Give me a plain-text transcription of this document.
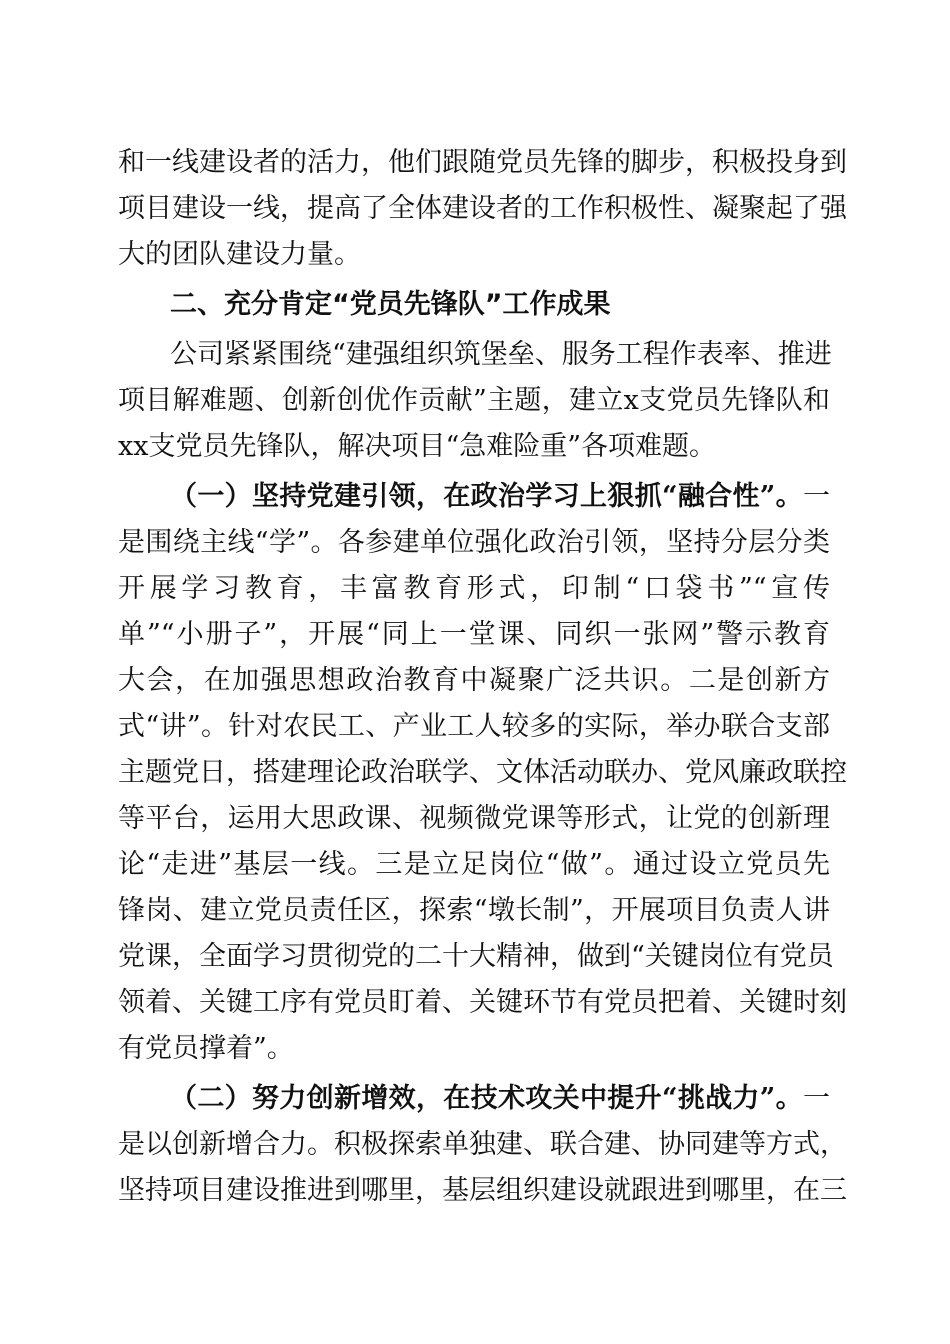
和一线建设者的活力，他们跟随党员先锋的脚步，积极投身到
项目建设一线，提高了全体建设者的工作积极性、凝聚起了强
大的团队建设力量。
二、充分肯定“党员先锋队”工作成果
公司紧紧围绕“建强组织筑堡垒、服务工程作表率、推进
项目解难题、创新创优作贡献”主题，建立x支党员先锋队和
xx支党员先锋队，解决项目“急难险重”各项难题。
（一）坚持党建引领，在政治学习上狠抓“融合性”。一
是围绕主线“学”。各参建单位强化政治引领，坚持分层分类
开展学习教育，丰富教育形式，印制“口袋书”“宣传
单”“小册子”，开展“同上一堂课、同织一张网”警示教育
大会，在加强思想政治教育中凝聚广泛共识。二是创新方
式“讲”。针对农民工、产业工人较多的实际，举办联合支部
主题党日，搭建理论政治联学、文体活动联办、党风廉政联控
等平台，运用大思政课、视频微党课等形式，让党的创新理
论“走进”基层一线。三是立足岗位“做”。通过设立党员先
锋岗、建立党员责任区，探索“墩长制”，开展项目负责人讲
党课，全面学习贯彻党的二十大精神，做到“关键岗位有党员
领着、关键工序有党员盯着、关键环节有党员把着、关键时刻
有党员撑着”。
（二）努力创新增效，在技术攻关中提升“挑战力”。一
是以创新增合力。积极探索单独建、联合建、协同建等方式，
坚持项目建设推进到哪里，基层组织建设就跟进到哪里，在三
